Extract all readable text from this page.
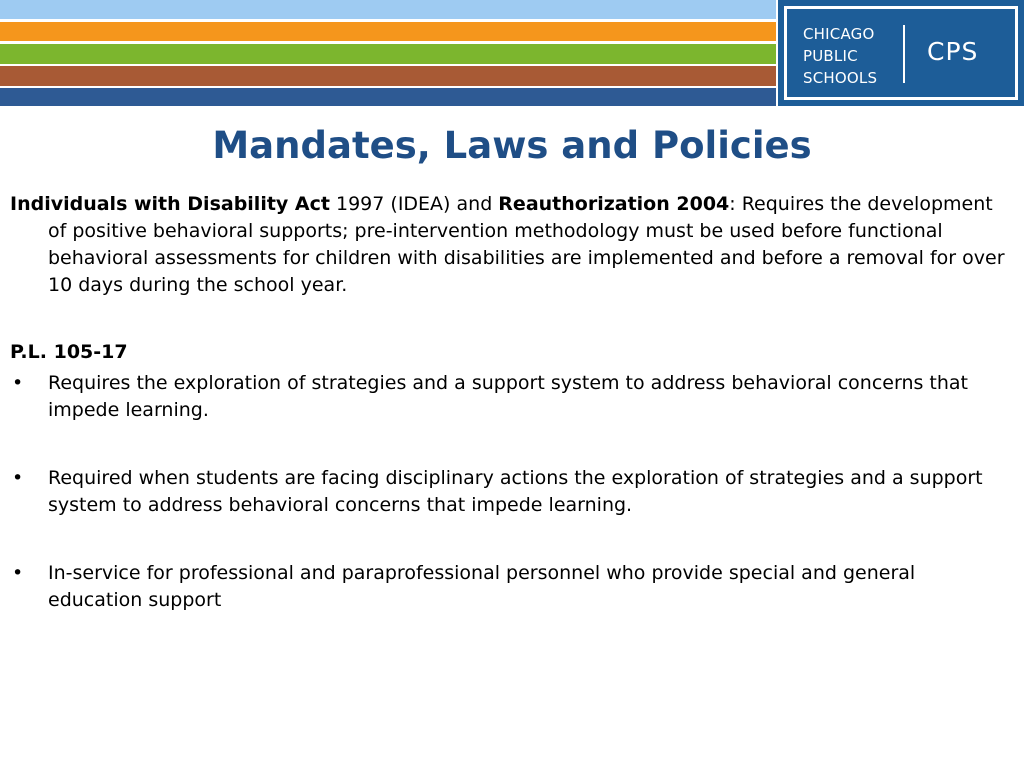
CHICAGO
PUBLIC
SCHOOLS
CPS
Mandates, Laws and Policies

Individuals with Disability Act 1997 (IDEA) and Reauthorization 2004: Requires the development of positive behavioral supports; pre-intervention methodology must be used before functional behavioral assessments for children with disabilities are implemented and before a removal for over 10 days during the school year.

P.L. 105-17
• Requires the exploration of strategies and a support system to address behavioral concerns that impede learning.
• Required when students are facing disciplinary actions the exploration of strategies and a support system to address behavioral concerns that impede learning.
• In-service for professional and paraprofessional personnel who provide special and general education support
